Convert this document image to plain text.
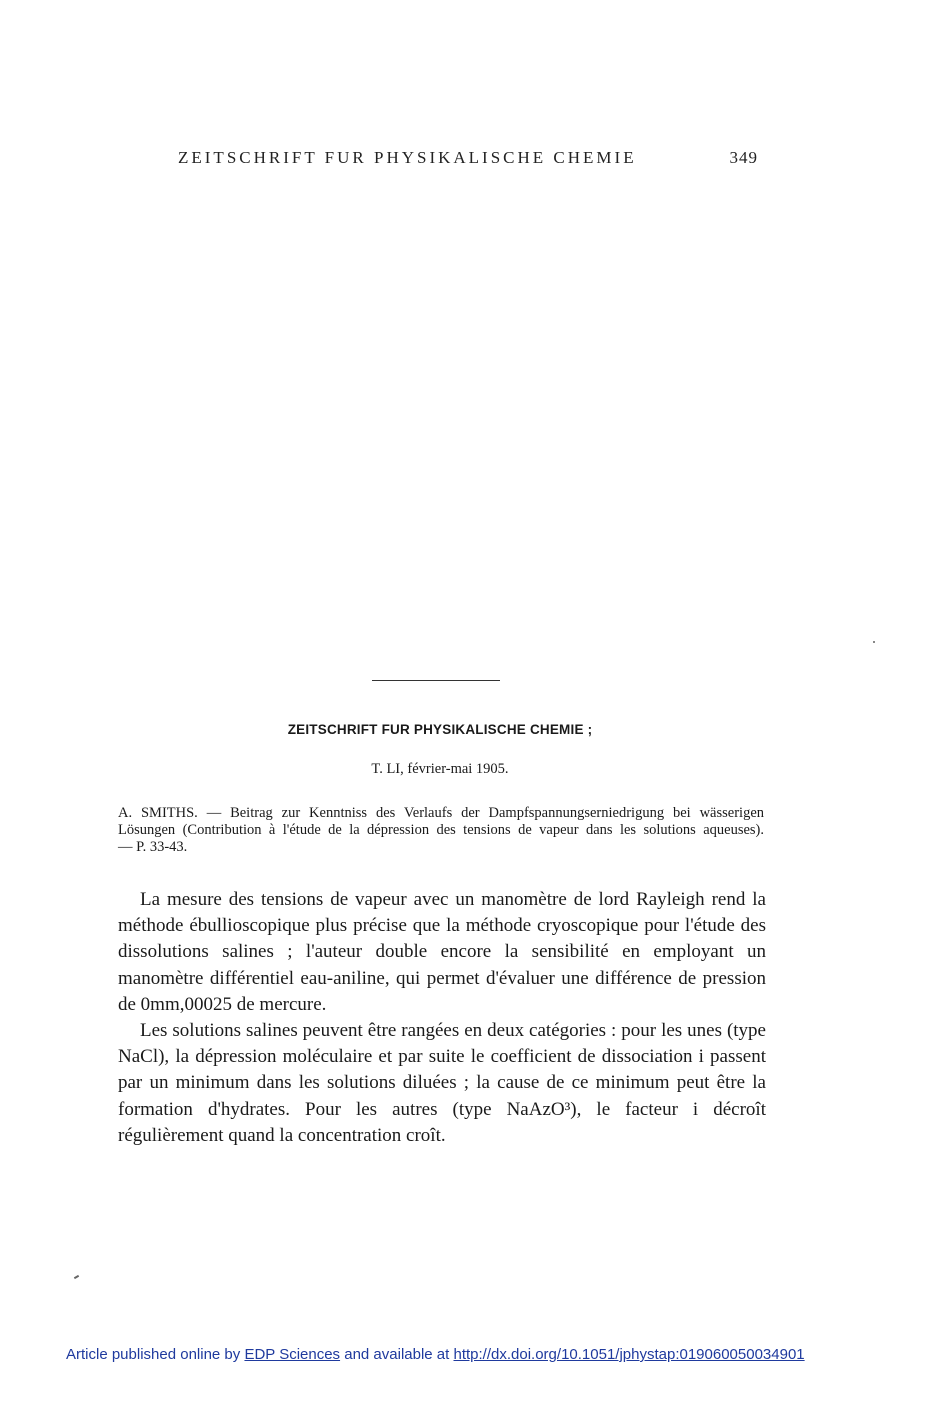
ZEITSCHRIFT FUR PHYSIKALISCHE CHEMIE	349
ZEITSCHRIFT FUR PHYSIKALISCHE CHEMIE ;
T. LI, février-mai 1905.
A. SMITHS. — Beitrag zur Kenntniss des Verlaufs der Dampfspannungserniedrigung bei wässerigen Lösungen (Contribution à l'étude de la dépression des tensions de vapeur dans les solutions aqueuses). — P. 33-43.

La mesure des tensions de vapeur avec un manomètre de lord Rayleigh rend la méthode ébullioscopique plus précise que la méthode cryoscopique pour l'étude des dissolutions salines ; l'auteur double encore la sensibilité en employant un manomètre différentiel eau-aniline, qui permet d'évaluer une différence de pression de 0mm,00025 de mercure.

Les solutions salines peuvent être rangées en deux catégories : pour les unes (type NaCl), la dépression moléculaire et par suite le coefficient de dissociation i passent par un minimum dans les solutions diluées ; la cause de ce minimum peut être la formation d'hydrates. Pour les autres (type NaAzO³), le facteur i décroît régulièrement quand la concentration croît.

Article published online by EDP Sciences and available at http://dx.doi.org/10.1051/jphystap:019060050034901
